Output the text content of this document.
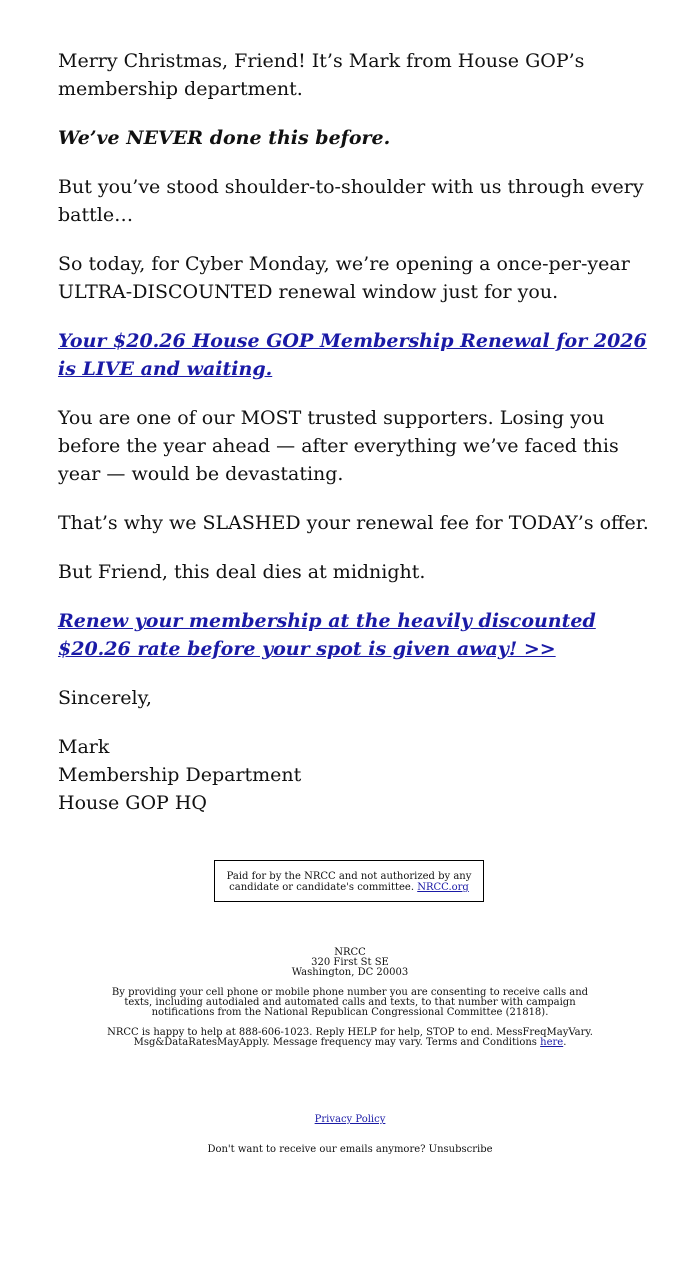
Merry Christmas, Friend! It’s Mark from House GOP’s membership department.

We’ve NEVER done this before.

But you’ve stood shoulder-to-shoulder with us through every battle…

So today, for Cyber Monday, we’re opening a once-per-year ULTRA-DISCOUNTED renewal window just for you.

Your $20.26 House GOP Membership Renewal for 2026 is LIVE and waiting.

You are one of our MOST trusted supporters. Losing you before the year ahead — after everything we’ve faced this year — would be devastating.

That’s why we SLASHED your renewal fee for TODAY’s offer.

But Friend, this deal dies at midnight.

Renew your membership at the heavily discounted $20.26 rate before your spot is given away! >>

Sincerely,

Mark
Membership Department
House GOP HQ

Paid for by the NRCC and not authorized by any candidate or candidate's committee. NRCC.org
NRCC
320 First St SE
Washington, DC 20003

By providing your cell phone or mobile phone number you are consenting to receive calls and texts, including autodialed and automated calls and texts, to that number with campaign notifications from the National Republican Congressional Committee (21818).

NRCC is happy to help at 888-606-1023. Reply HELP for help, STOP to end. MessFreqMayVary. Msg&DataRatesMayApply. Message frequency may vary. Terms and Conditions here.

Privacy Policy
Don't want to receive our emails anymore? Unsubscribe
